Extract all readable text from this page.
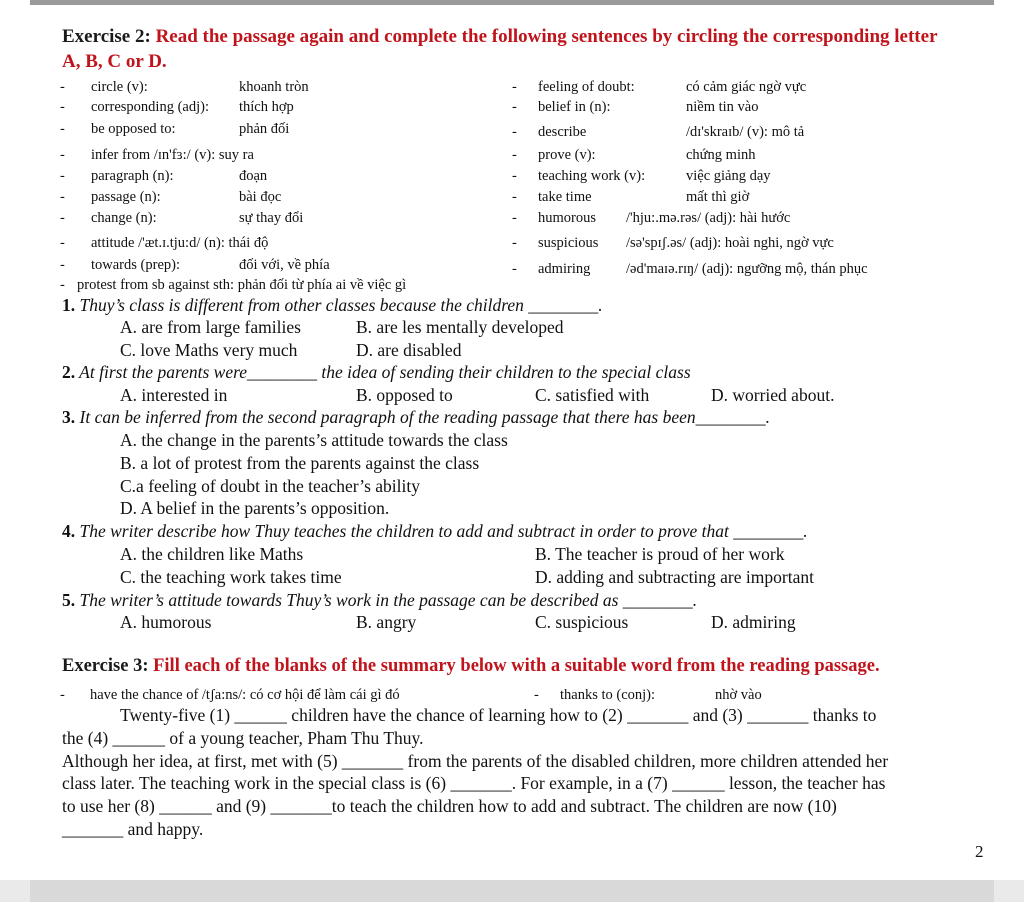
Exercise 2: Read the passage again and complete the following sentences by circling the corresponding letter
A, B, C or D.
- circle (v):	khoanh tròn
- corresponding (adj): thích hợp
- be opposed to:	phản đối
- infer from /ɪn'fɜ:/ (v): suy ra
- paragraph (n):	đoạn
- passage (n):	bài đọc
- change (n):	sự thay đổi
- attitude /'æt.ɪ.tju:d/ (n): thái độ
- towards (prep):	đối với, về phía
- protest from sb against sth: phản đối từ phía ai về việc gì
- feeling of doubt:	có cảm giác ngờ vực
- belief in (n):	niềm tin vào
- describe	/dɪ'skraɪb/ (v): mô tả
- prove (v):	chứng minh
- teaching work (v):	việc giảng dạy
- take time	mất thì giờ
- humorous /'hju:.mə.rəs/ (adj): hài hước
- suspicious /sə'spɪʃ.əs/ (adj): hoài nghi, ngờ vực
- admiring /əd'maɪə.rɪŋ/ (adj): ngưỡng mộ, thán phục
1. Thuy’s class is different from other classes because the children ________.
A. are from large families	B. are les mentally developed
C. love Maths very much	D. are disabled
2. At first the parents were________ the idea of sending their children to the special class
A. interested in	B. opposed to	C. satisfied with	D. worried about.
3. It can be inferred from the second paragraph of the reading passage that there has been________.
A. the change in the parents’s attitude towards the class
B. a lot of protest from the parents against the class
C.a feeling of doubt in the teacher’s ability
D. A belief in the parents’s opposition.
4. The writer describe how Thuy teaches the children to add and subtract in order to prove that ________.
A. the children like Maths	B. The teacher is proud of her work
C. the teaching work takes time	D. adding and subtracting are important
5. The writer’s attitude towards Thuy’s work in the passage can be described as ________.
A. humorous	B. angry	C. suspicious	D. admiring
Exercise 3: Fill each of the blanks of the summary below with a suitable word from the reading passage.
- have the chance of /tʃa:ns/: có cơ hội để làm cái gì đó	- thanks to (conj):	nhờ vào
Twenty-five (1) ______ children have the chance of learning how to (2) _______ and (3) _______ thanks to
the (4) ______ of a young teacher, Pham Thu Thuy.
Although her idea, at first, met with (5) _______ from the parents of the disabled children, more children attended her
class later. The teaching work in the special class is (6) _______. For example, in a (7) ______ lesson, the teacher has
to use her (8) ______ and (9) _______to teach the children how to add and subtract. The children are now (10)
_______ and happy.
2
